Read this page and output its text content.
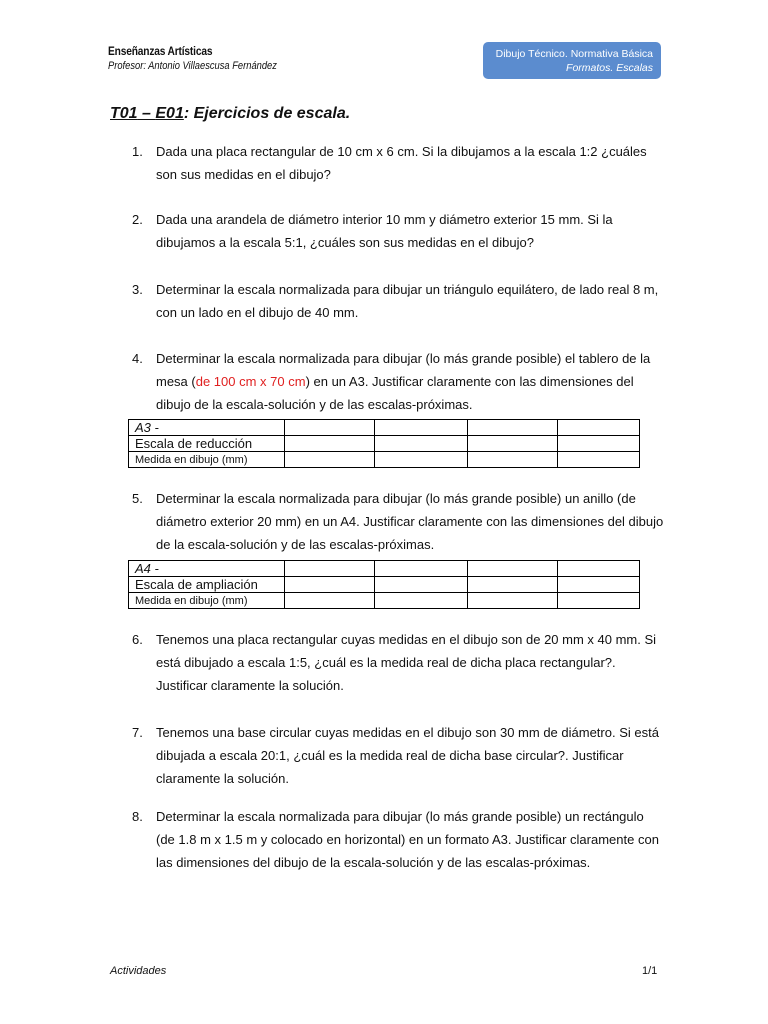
Enseñanzas Artísticas
Profesor: Antonio Villaescusa Fernández
Dibujo Técnico. Normativa Básica
Formatos. Escalas
T01 – E01: Ejercicios de escala.
1. Dada una placa rectangular de 10 cm x 6 cm. Si la dibujamos a la escala 1:2 ¿cuáles son sus medidas en el dibujo?
2. Dada una arandela de diámetro interior 10 mm y diámetro exterior 15 mm. Si la dibujamos a la escala 5:1, ¿cuáles son sus medidas en el dibujo?
3. Determinar la escala normalizada para dibujar un triángulo equilátero, de lado real 8 m, con un lado en el dibujo de 40 mm.
4. Determinar la escala normalizada para dibujar (lo más grande posible) el tablero de la mesa (de 100 cm x 70 cm) en un A3. Justificar claramente con las dimensiones del dibujo de la escala-solución y de las escalas-próximas.
A3 -				
Escala de reducción				
Medida en dibujo (mm)				
5. Determinar la escala normalizada para dibujar (lo más grande posible) un anillo (de diámetro exterior 20 mm) en un A4. Justificar claramente con las dimensiones del dibujo de la escala-solución y de las escalas-próximas.
A4 -				
Escala de ampliación				
Medida en dibujo (mm)				
6. Tenemos una placa rectangular cuyas medidas en el dibujo son de 20 mm x 40 mm. Si está dibujado a escala 1:5, ¿cuál es la medida real de dicha placa rectangular?. Justificar claramente la solución.
7. Tenemos una base circular cuyas medidas en el dibujo son 30 mm de diámetro. Si está dibujada a escala 20:1, ¿cuál es la medida real de dicha base circular?. Justificar claramente la solución.
8. Determinar la escala normalizada para dibujar (lo más grande posible) un rectángulo (de 1.8 m x 1.5 m y colocado en horizontal) en un formato A3. Justificar claramente con las dimensiones del dibujo de la escala-solución y de las escalas-próximas.
Actividades	1/1
